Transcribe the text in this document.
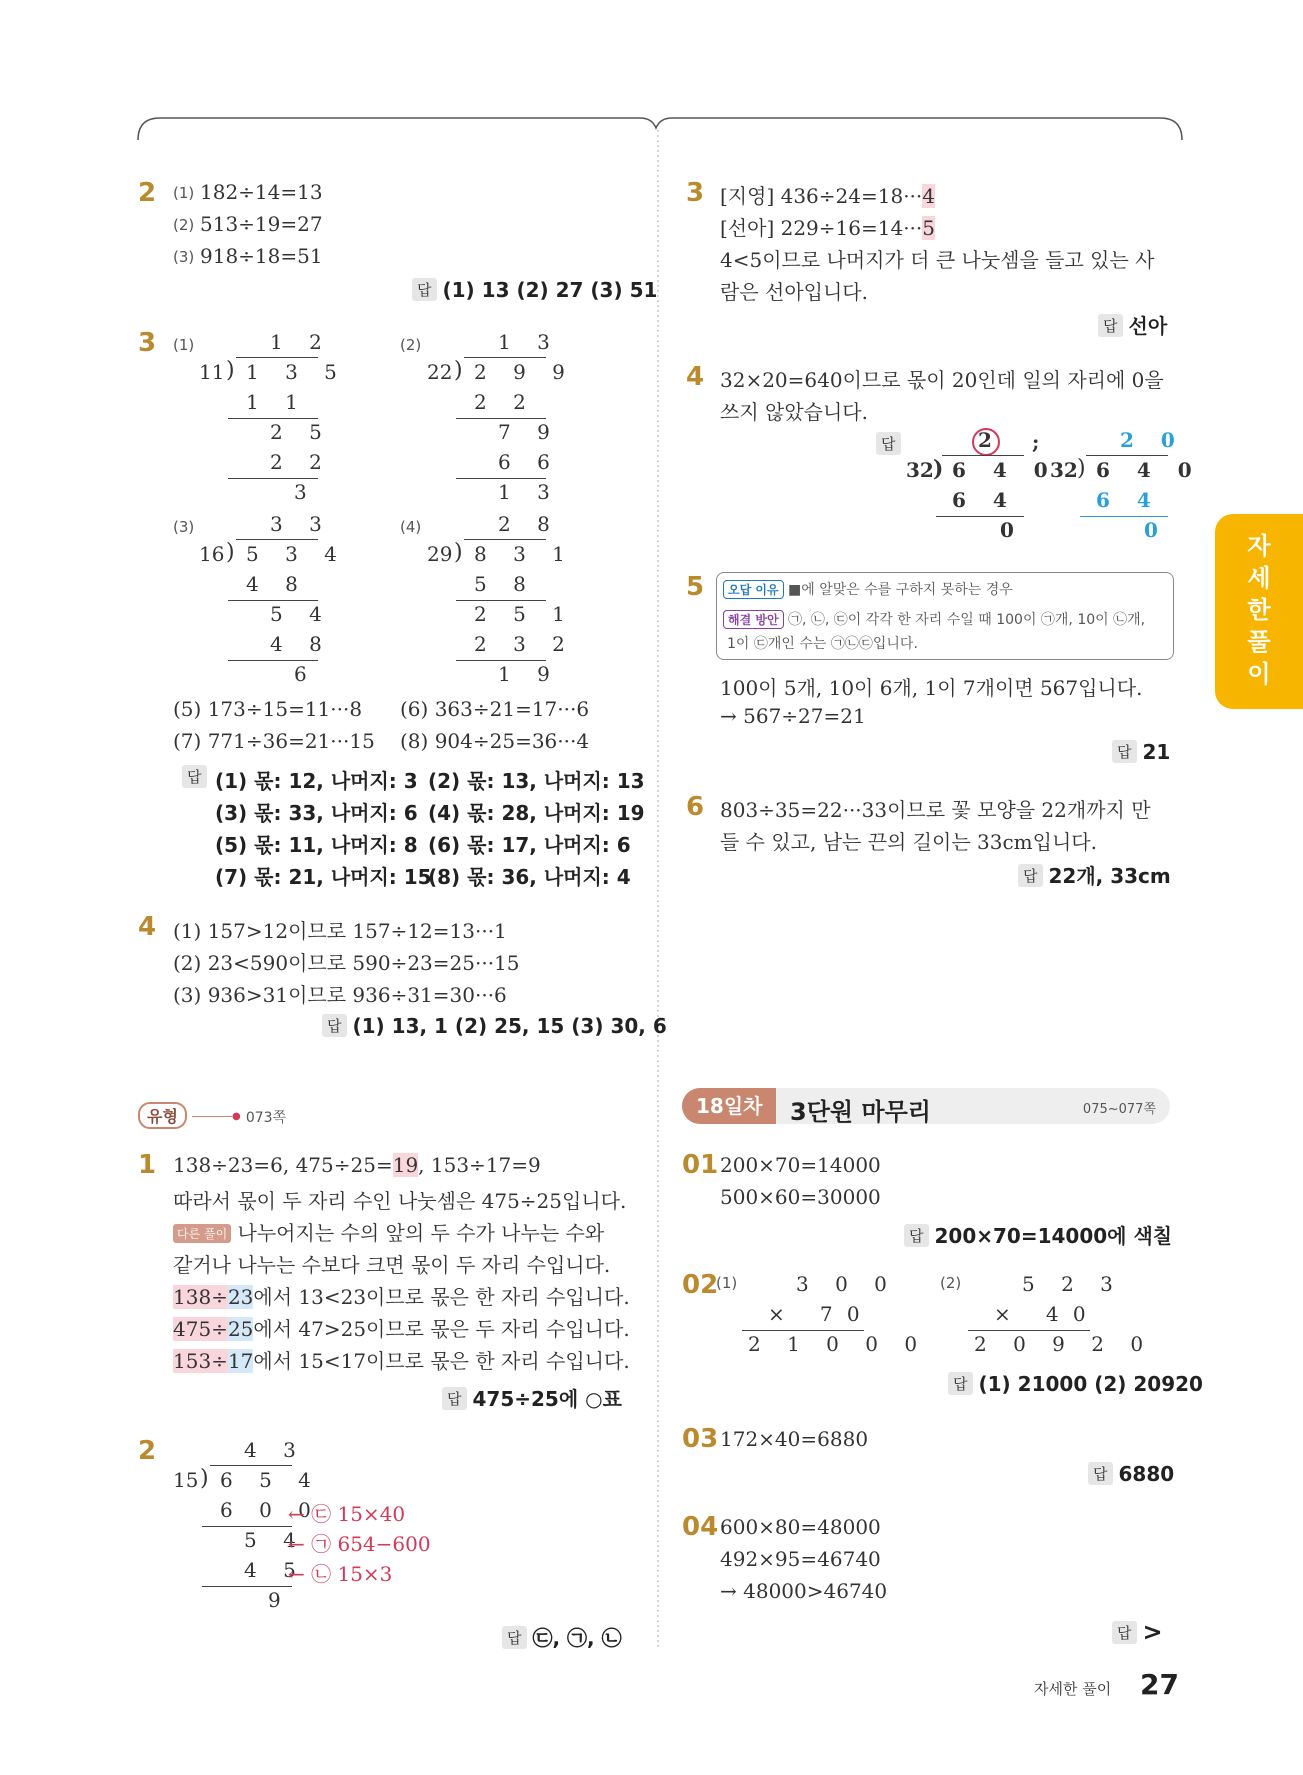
2 (1) 182÷14=13
(2) 513÷19=27
(3) 918÷18=51
답 (1) 13 (2) 27 (3) 51
3 (1)	1 2
11 ) 1 3 5
1 1
2 5
2 2
3
(2)	1 3
22 ) 2 9 9
2 2
7 9
6 6
1 3
(3)	3 3
16 ) 5 3 4
4 8
5 4
4 8
6
(4)	2 8
29 ) 8 3 1
5 8
2 5 1
2 3 2
1 9
(5) 173÷15=11···8 (6) 363÷21=17···6
(7) 771÷36=21···15 (8) 904÷25=36···4
답 (1) 몫: 12, 나머지: 3 (2) 몫: 13, 나머지: 13
(3) 몫: 33, 나머지: 6 (4) 몫: 28, 나머지: 19
(5) 몫: 11, 나머지: 8 (6) 몫: 17, 나머지: 6
(7) 몫: 21, 나머지: 15
(8) 몫: 36, 나머지: 4
4 (1) 157>12이므로 157÷12=13···1
(2) 23<590이므로 590÷23=25···15
(3) 936>31이므로 936÷31=30···6
답 (1) 13, 1 (2) 25, 15 (3) 30, 6
유형	● 073쪽
1 138÷23=6, 475÷25=19, 153÷17=9
따라서 몫이 두 자리 수인 나눗셈은 475÷25입니다.
다른 풀이 나누어지는 수의 앞의 두 수가 나누는 수와
같거나 나누는 수보다 크면 몫이 두 자리 수입니다.
138÷23에서 13<23이므로 몫은 한 자리 수입니다.
475÷25에서 47>25이므로 몫은 두 자리 수입니다.
153÷17에서 15<17이므로 몫은 한 자리 수입니다.
답 475÷25에 ○표
2	4 3
15 ) 6 5 4
6 0 0
← ㉢ 15×40
5 4
← ㉠ 654−600
4 5
← ㉡ 15×3
9
답 ㉢, ㉠, ㉡
3 [지영] 436÷24=18···4
[선아] 229÷16=14···5
4<5이므로 나머지가 더 큰 나눗셈을 들고 있는 사
람은 선아입니다.
답 선아
4 32×20=640이므로 몫이 20인데 일의 자리에 0을
쓰지 않았습니다.
답	2
32 ) 6 4 0
6 4
0
;	2 0
32 ) 6 4 0
6 4
0
5	오답 이유 ■에 알맞은 수를 구하지 못하는 경우
해결 방안 ㉠, ㉡, ㉢이 각각 한 자리 수일 때 100이 ㉠개, 10이 ㉡개,
1이 ㉢개인 수는 ㉠㉡㉢입니다.
100이 5개, 10이 6개, 1이 7개이면 567입니다.
→ 567÷27=21
답 21
6 803÷35=22···33이므로 꽃 모양을 22개까지 만
들 수 있고, 남는 끈의 길이는 33cm입니다.
답 22개, 33cm
18일차	3단원 마무리	075~077쪽
01 200×70=14000
500×60=30000
답 200×70=14000에 색칠
02
(1)	3 0 0
×   7 0
2 1 0 0 0
(2)	5 2 3
×   4 0
2 0 9 2 0
답 (1) 21000 (2) 20920
03 172×40=6880
답 6880
04 600×80=48000
492×95=46740
→ 48000>46740
답 >
자
세
한
풀
이
자세한 풀이 27
